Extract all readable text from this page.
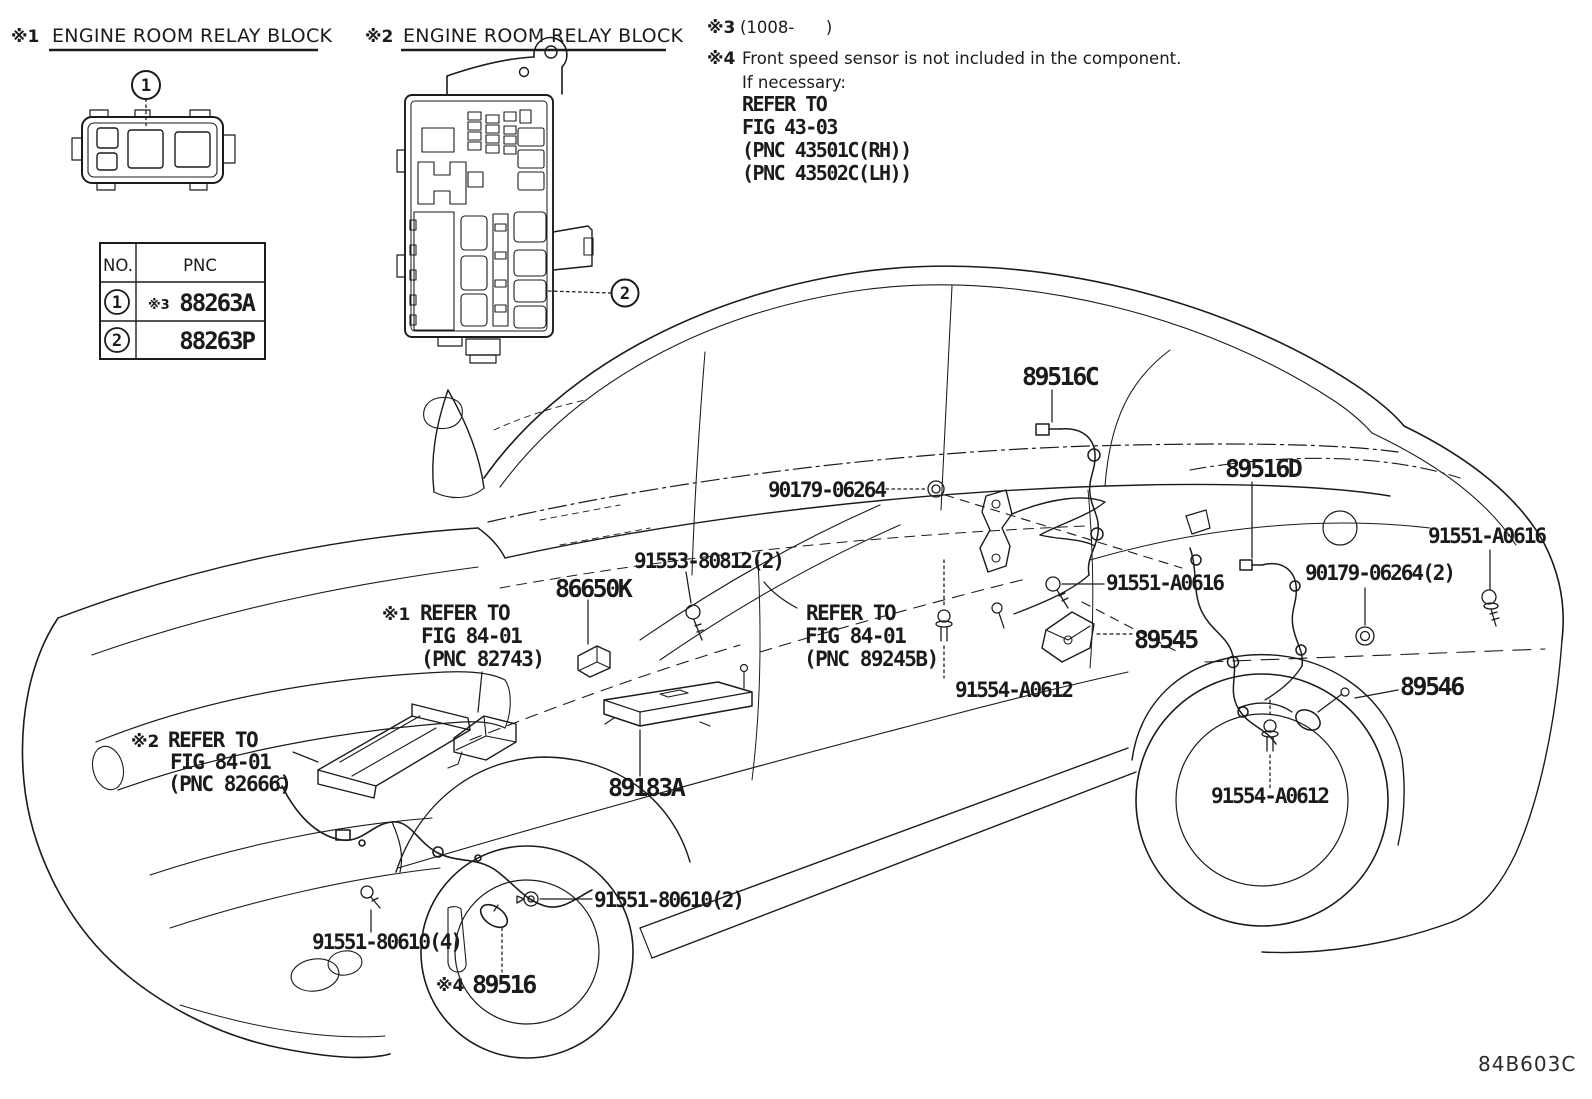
※1 ENGINE ROOM RELAY BLOCK ※2 ENGINE ROOM RELAY BLOCK ※3 (1008-      )
※4 Front speed sensor is not included in the component.
If necessary:
REFER TO
FIG 43-03
(PNC 43501C(RH))
(PNC 43502C(LH))
84B603C
1
2
NO.	PNC
1 ※3 88263A
2 88263P
89516C
89516D
90179-06264
91553-80812(2)
86650K	91551-A0616
89545
90179-06264(2)
91551-A0616
91554-A0612	89546
89183A	91554-A0612
91551-80610(2)
91551-80610(4)
※4 89516
※1 REFER TO
FIG 84-01
(PNC 82743)
REFER TO
FIG 84-01
(PNC 89245B)
※2 REFER TO
FIG 84-01
(PNC 82666)
